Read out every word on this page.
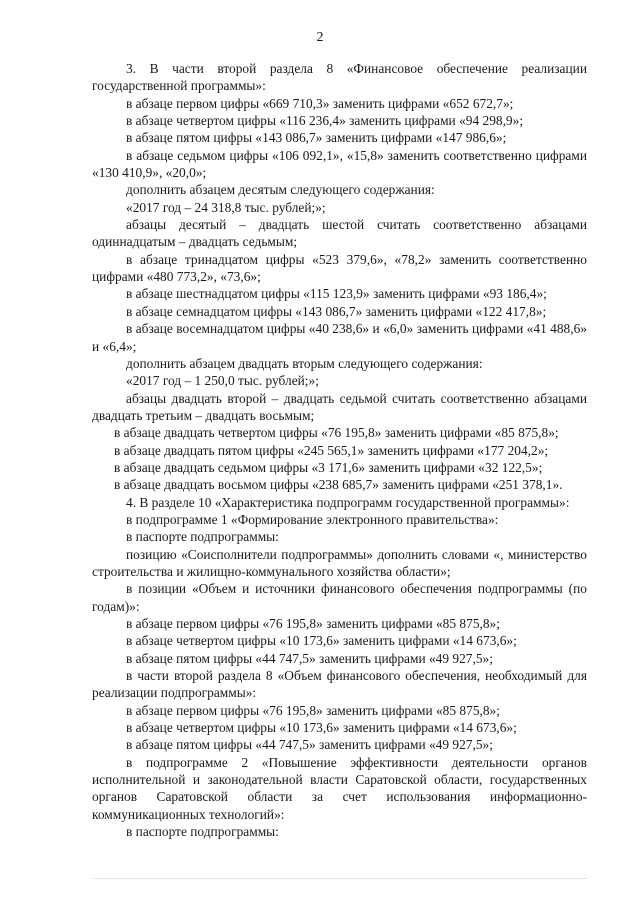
2

3. В части второй раздела 8 «Финансовое обеспечение реализации государственной программы»:

в абзаце первом цифры «669 710,3» заменить цифрами «652 672,7»;

в абзаце четвертом цифры «116 236,4» заменить цифрами «94 298,9»;

в абзаце пятом цифры «143 086,7» заменить цифрами «147 986,6»;

в абзаце седьмом цифры «106 092,1», «15,8» заменить соответственно цифрами «130 410,9», «20,0»;

дополнить абзацем десятым следующего содержания:

«2017 год – 24 318,8 тыс. рублей;»;

абзацы десятый – двадцать шестой считать соответственно абзацами одиннадцатым – двадцать седьмым;

в абзаце тринадцатом цифры «523 379,6», «78,2» заменить соответственно цифрами «480 773,2», «73,6»;

в абзаце шестнадцатом цифры «115 123,9» заменить цифрами «93 186,4»;

в абзаце семнадцатом цифры «143 086,7» заменить цифрами «122 417,8»;

в абзаце восемнадцатом цифры «40 238,6» и «6,0» заменить цифрами «41 488,6» и «6,4»;

дополнить абзацем двадцать вторым следующего содержания:

«2017 год – 1 250,0 тыс. рублей;»;

абзацы двадцать второй – двадцать седьмой считать соответственно абзацами двадцать третьим – двадцать восьмым;

в абзаце двадцать четвертом цифры «76 195,8» заменить цифрами «85 875,8»;

в абзаце двадцать пятом цифры «245 565,1» заменить цифрами «177 204,2»;

в абзаце двадцать седьмом цифры «3 171,6» заменить цифрами «32 122,5»;

в абзаце двадцать восьмом цифры «238 685,7» заменить цифрами «251 378,1».

4. В разделе 10 «Характеристика подпрограмм государственной программы»:

в подпрограмме 1 «Формирование электронного правительства»:

в паспорте подпрограммы:

позицию «Соисполнители подпрограммы» дополнить словами «, министерство строительства и жилищно-коммунального хозяйства области»;

в позиции «Объем и источники финансового обеспечения подпрограммы (по годам)»:

в абзаце первом цифры «76 195,8» заменить цифрами «85 875,8»;

в абзаце четвертом цифры «10 173,6» заменить цифрами «14 673,6»;

в абзаце пятом цифры «44 747,5» заменить цифрами «49 927,5»;

в части второй раздела 8 «Объем финансового обеспечения, необходимый для реализации подпрограммы»:

в абзаце первом цифры «76 195,8» заменить цифрами «85 875,8»;

в абзаце четвертом цифры «10 173,6» заменить цифрами «14 673,6»;

в абзаце пятом цифры «44 747,5» заменить цифрами «49 927,5»;

в подпрограмме 2 «Повышение эффективности деятельности органов исполнительной и законодательной власти Саратовской области, государственных органов Саратовской области за счет использования информационно-коммуникационных технологий»:

в паспорте подпрограммы:
